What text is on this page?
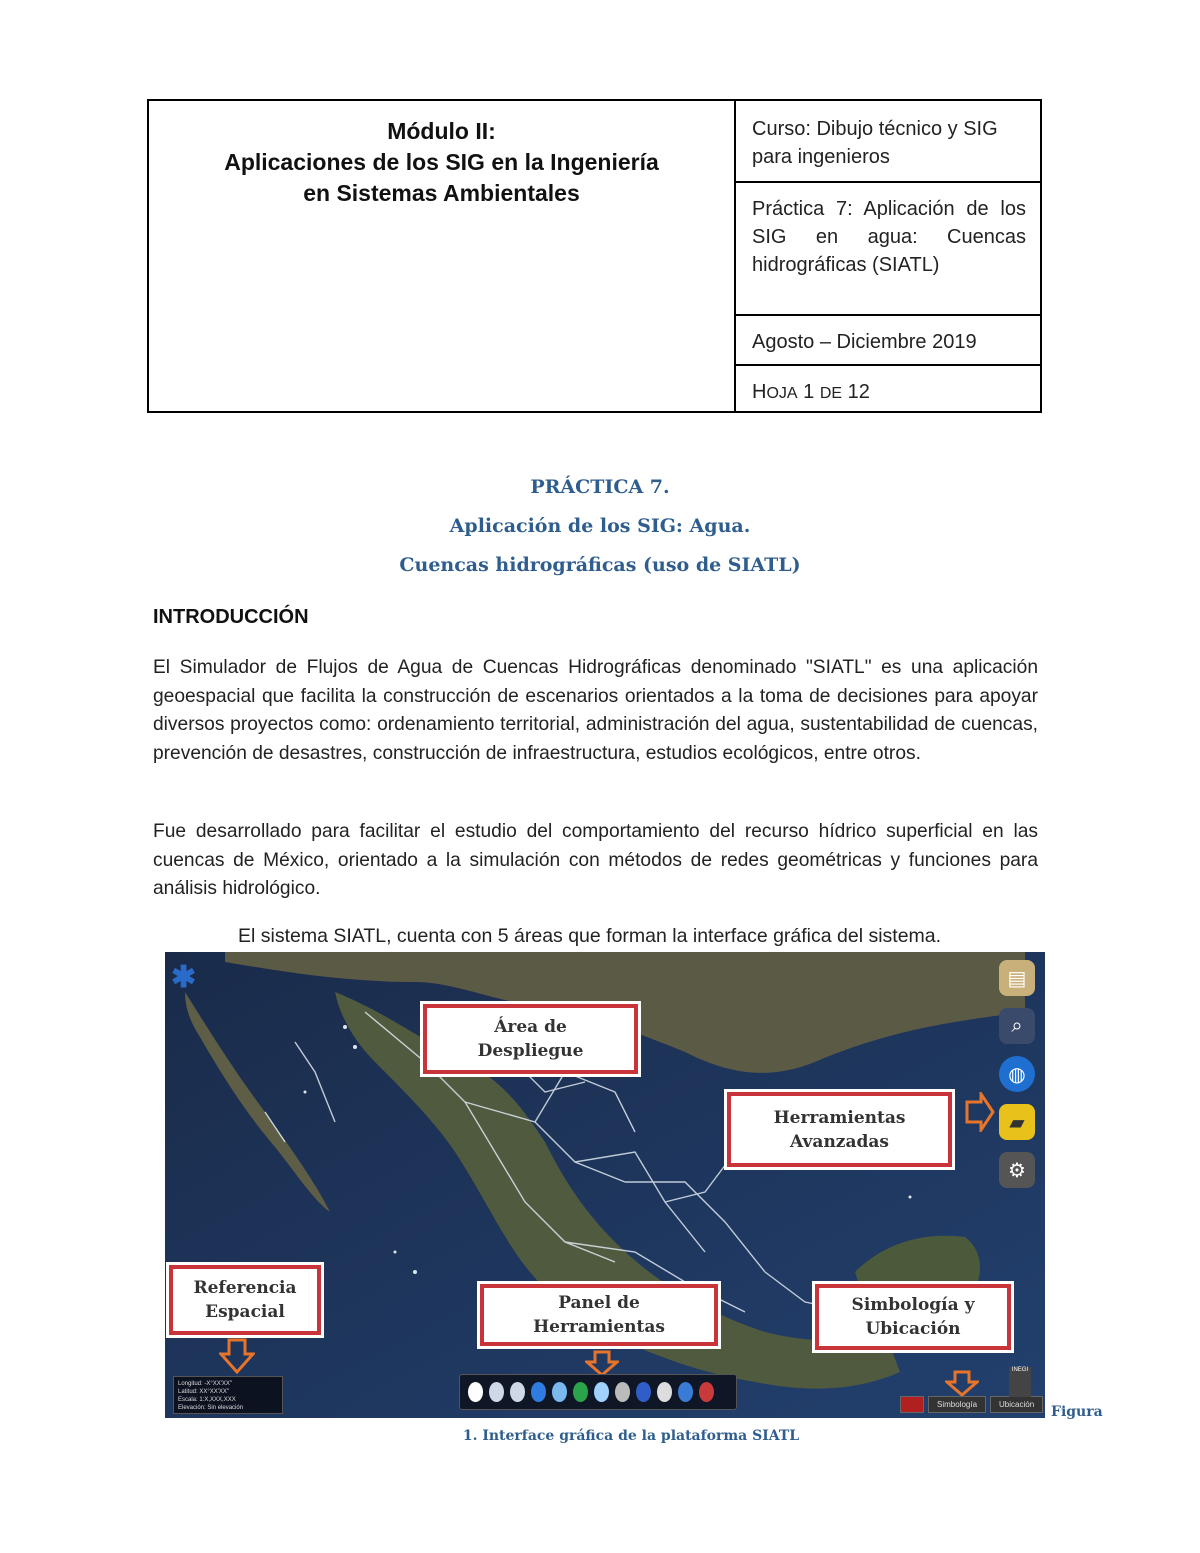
Módulo II:
Aplicaciones de los SIG en la Ingeniería
en Sistemas Ambientales
Curso: Dibujo técnico y SIG para ingenieros
Práctica 7: Aplicación de los SIG en agua: Cuencas hidrográficas (SIATL)
Agosto – Diciembre 2019
HOJA 1 DE 12
PRÁCTICA 7.
Aplicación de los SIG: Agua.
Cuencas hidrográficas (uso de SIATL)
INTRODUCCIÓN

El Simulador de Flujos de Agua de Cuencas Hidrográficas denominado "SIATL" es una aplicación geoespacial que facilita la construcción de escenarios orientados a la toma de decisiones para apoyar diversos proyectos como: ordenamiento territorial, administración del agua, sustentabilidad de cuencas, prevención de desastres, construcción de infraestructura, estudios ecológicos, entre otros.

Fue desarrollado para facilitar el estudio del comportamiento del recurso hídrico superficial en las cuencas de México, orientado a la simulación con métodos de redes geométricas y funciones para análisis hidrológico.

El sistema SIATL, cuenta con 5 áreas que forman la interface gráfica del sistema.
✱
Área de
Despliegue
Herramientas
Avanzadas
Referencia
Espacial	Panel de
Herramientas
Simbología y
Ubicación
▤
⌕
◍
▰
⚙
Longitud: -X°XX'XX"
Latitud: XX°XX'XX"
Escala: 1:X,XXX,XXX
Elevación: Sin elevación	Simbología	Ubicación
INEGI
Figura
1. Interface gráfica de la plataforma SIATL
